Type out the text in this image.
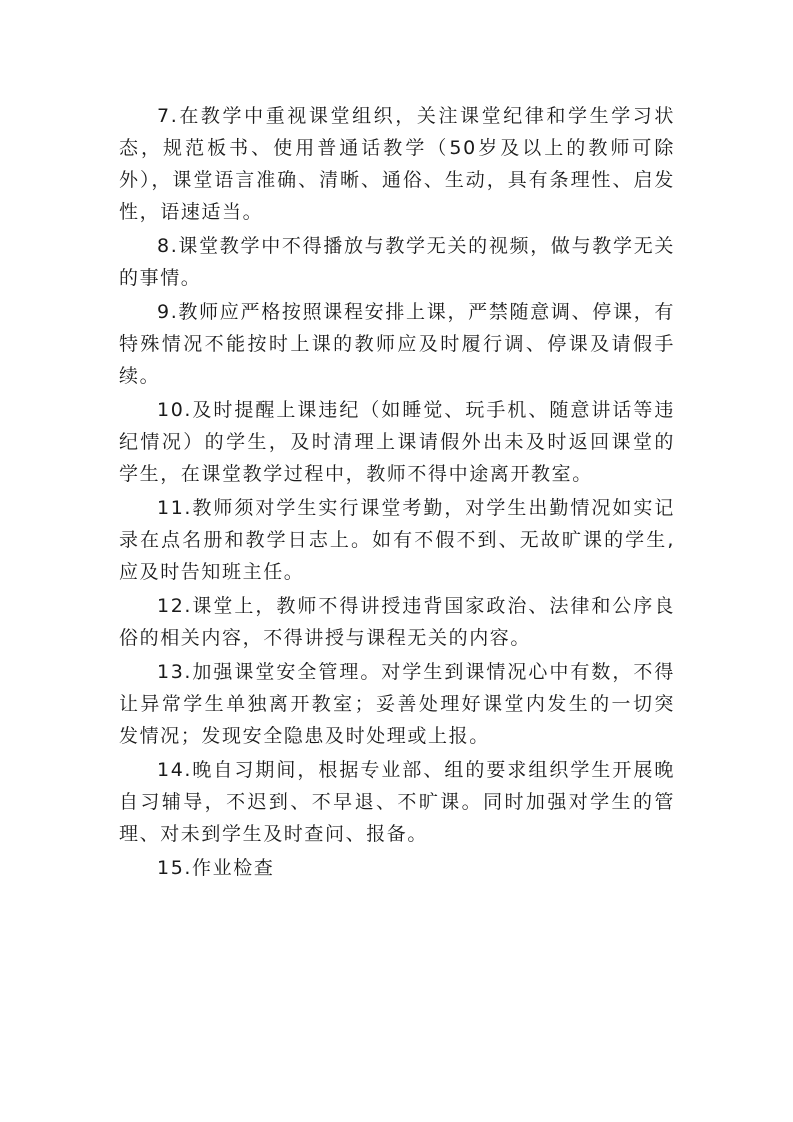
7.在教学中重视课堂组织，关注课堂纪律和学生学习状态，规范板书、使用普通话教学（50岁及以上的教师可除外），课堂语言准确、清晰、通俗、生动，具有条理性、启发性，语速适当。

8.课堂教学中不得播放与教学无关的视频，做与教学无关的事情。

9.教师应严格按照课程安排上课，严禁随意调、停课，有特殊情况不能按时上课的教师应及时履行调、停课及请假手续。

10.及时提醒上课违纪（如睡觉、玩手机、随意讲话等违纪情况）的学生，及时清理上课请假外出未及时返回课堂的学生，在课堂教学过程中，教师不得中途离开教室。

11.教师须对学生实行课堂考勤，对学生出勤情况如实记录在点名册和教学日志上。如有不假不到、无故旷课的学生,应及时告知班主任。

12.课堂上，教师不得讲授违背国家政治、法律和公序良俗的相关内容，不得讲授与课程无关的内容。

13.加强课堂安全管理。对学生到课情况心中有数，不得让异常学生单独离开教室；妥善处理好课堂内发生的一切突发情况；发现安全隐患及时处理或上报。

14.晚自习期间，根据专业部、组的要求组织学生开展晚自习辅导，不迟到、不早退、不旷课。同时加强对学生的管理、对未到学生及时查问、报备。

15.作业检查
